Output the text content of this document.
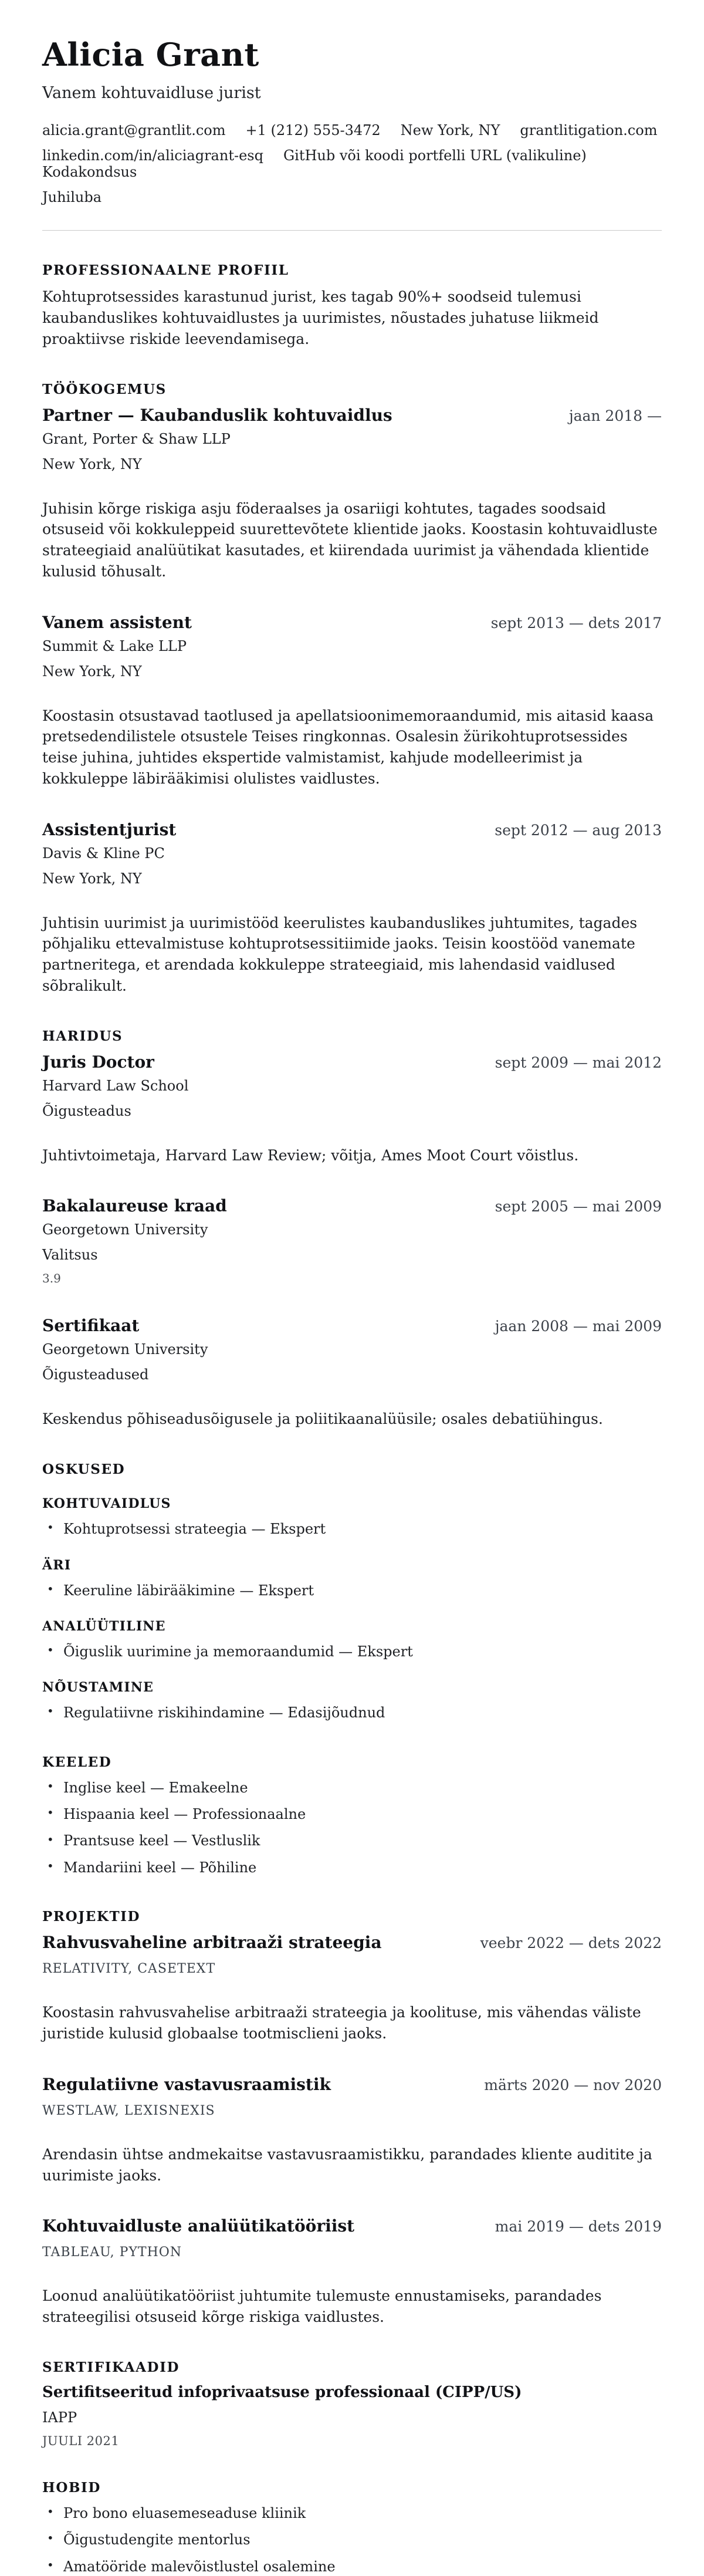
Alicia Grant
Vanem kohtuvaidluse jurist
alicia.grant@grantlit.com +1 (212) 555-3472 New York, NY grantlitigation.com
linkedin.com/in/aliciagrant-esq GitHub või koodi portfelli URL (valikuline)
Kodakondsus
Juhiluba
PROFESSIONAALNE PROFIIL

Kohtuprotsessides karastunud jurist, kes tagab 90%+ soodseid tulemusi kaubanduslikes kohtuvaidlustes ja uurimistes, nõustades juhatuse liikmeid proaktiivse riskide leevendamisega.

TÖÖKOGEMUS
Partner — Kaubanduslik kohtuvaidlus	jaan 2018 —
Grant, Porter & Shaw LLP
New York, NY

Juhisin kõrge riskiga asju föderaalses ja osariigi kohtutes, tagades soodsaid otsuseid või kokkuleppeid suurettevõtete klientide jaoks. Koostasin kohtuvaidluste strateegiaid analüütikat kasutades, et kiirendada uurimist ja vähendada klientide kulusid tõhusalt.

Vanem assistent	sept 2013 — dets 2017
Summit & Lake LLP
New York, NY

Koostasin otsustavad taotlused ja apellatsioonimemoraandumid, mis aitasid kaasa pretsedendilistele otsustele Teises ringkonnas. Osalesin žürikohtuprotsessides teise juhina, juhtides ekspertide valmistamist, kahjude modelleerimist ja kokkuleppe läbirääkimisi olulistes vaidlustes.

Assistentjurist	sept 2012 — aug 2013
Davis & Kline PC
New York, NY

Juhtisin uurimist ja uurimistööd keerulistes kaubanduslikes juhtumites, tagades põhjaliku ettevalmistuse kohtuprotsessitiimide jaoks. Teisin koostööd vanemate partneritega, et arendada kokkuleppe strateegiaid, mis lahendasid vaidlused sõbralikult.

HARIDUS
Juris Doctor	sept 2009 — mai 2012
Harvard Law School
Õigusteadus

Juhtivtoimetaja, Harvard Law Review; võitja, Ames Moot Court võistlus.

Bakalaureuse kraad	sept 2005 — mai 2009
Georgetown University
Valitsus
3.9
Sertifikaat	jaan 2008 — mai 2009
Georgetown University
Õigusteadused

Keskendus põhiseadusõigusele ja poliitikaanalüüsile; osales debatiühingus.

OSKUSED
KOHTUVAIDLUS
• Kohtuprotsessi strateegia — Ekspert
ÄRI
• Keeruline läbirääkimine — Ekspert
ANALÜÜTILINE
• Õiguslik uurimine ja memoraandumid — Ekspert
NÕUSTAMINE
• Regulatiivne riskihindamine — Edasijõudnud
KEELED
• Inglise keel — Emakeelne
• Hispaania keel — Professionaalne
• Prantsuse keel — Vestluslik
• Mandariini keel — Põhiline
PROJEKTID
Rahvusvaheline arbitraaži strateegia	veebr 2022 — dets 2022
RELATIVITY, CASETEXT

Koostasin rahvusvahelise arbitraaži strateegia ja koolituse, mis vähendas väliste juristide kulusid globaalse tootmisclieni jaoks.

Regulatiivne vastavusraamistik	märts 2020 — nov 2020
WESTLAW, LEXISNEXIS

Arendasin ühtse andmekaitse vastavusraamistikku, parandades kliente auditite ja uurimiste jaoks.

Kohtuvaidluste analüütikatööriist	mai 2019 — dets 2019
TABLEAU, PYTHON

Loonud analüütikatööriist juhtumite tulemuste ennustamiseks, parandades strateegilisi otsuseid kõrge riskiga vaidlustes.

SERTIFIKAADID
Sertifitseeritud infoprivaatsuse professionaal (CIPP/US)
IAPP
JUULI 2021
HOBID
• Pro bono eluasemeseaduse kliinik
• Õigustudengite mentorlus
• Amatööride malevõistlustel osalemine
